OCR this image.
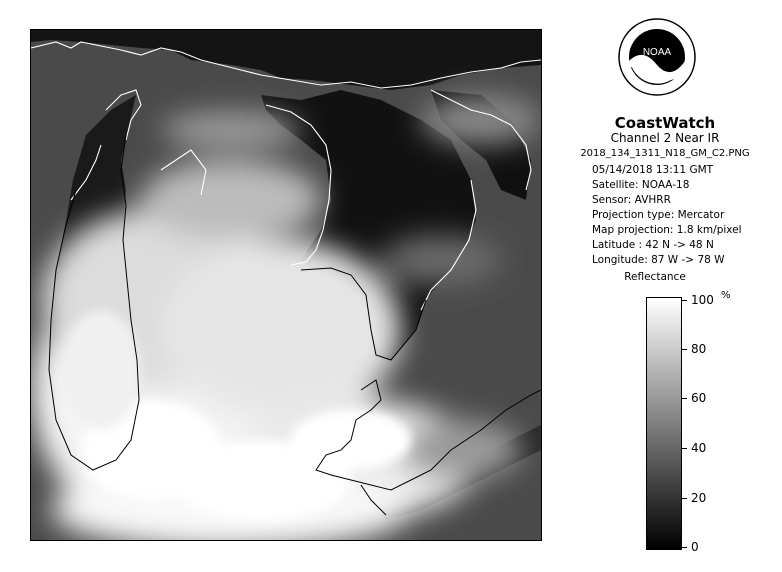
NOAA
CoastWatch
Channel 2 Near IR
2018_134_1311_N18_GM_C2.PNG
05/14/2018 13:11 GMT
Satellite: NOAA-18
Sensor: AVHRR
Projection type: Mercator
Map projection: 1.8 km/pixel
Latitude : 42 N -> 48 N
Longitude: 87 W -> 78 W
Reflectance
%
100
80
60
40
20
0
